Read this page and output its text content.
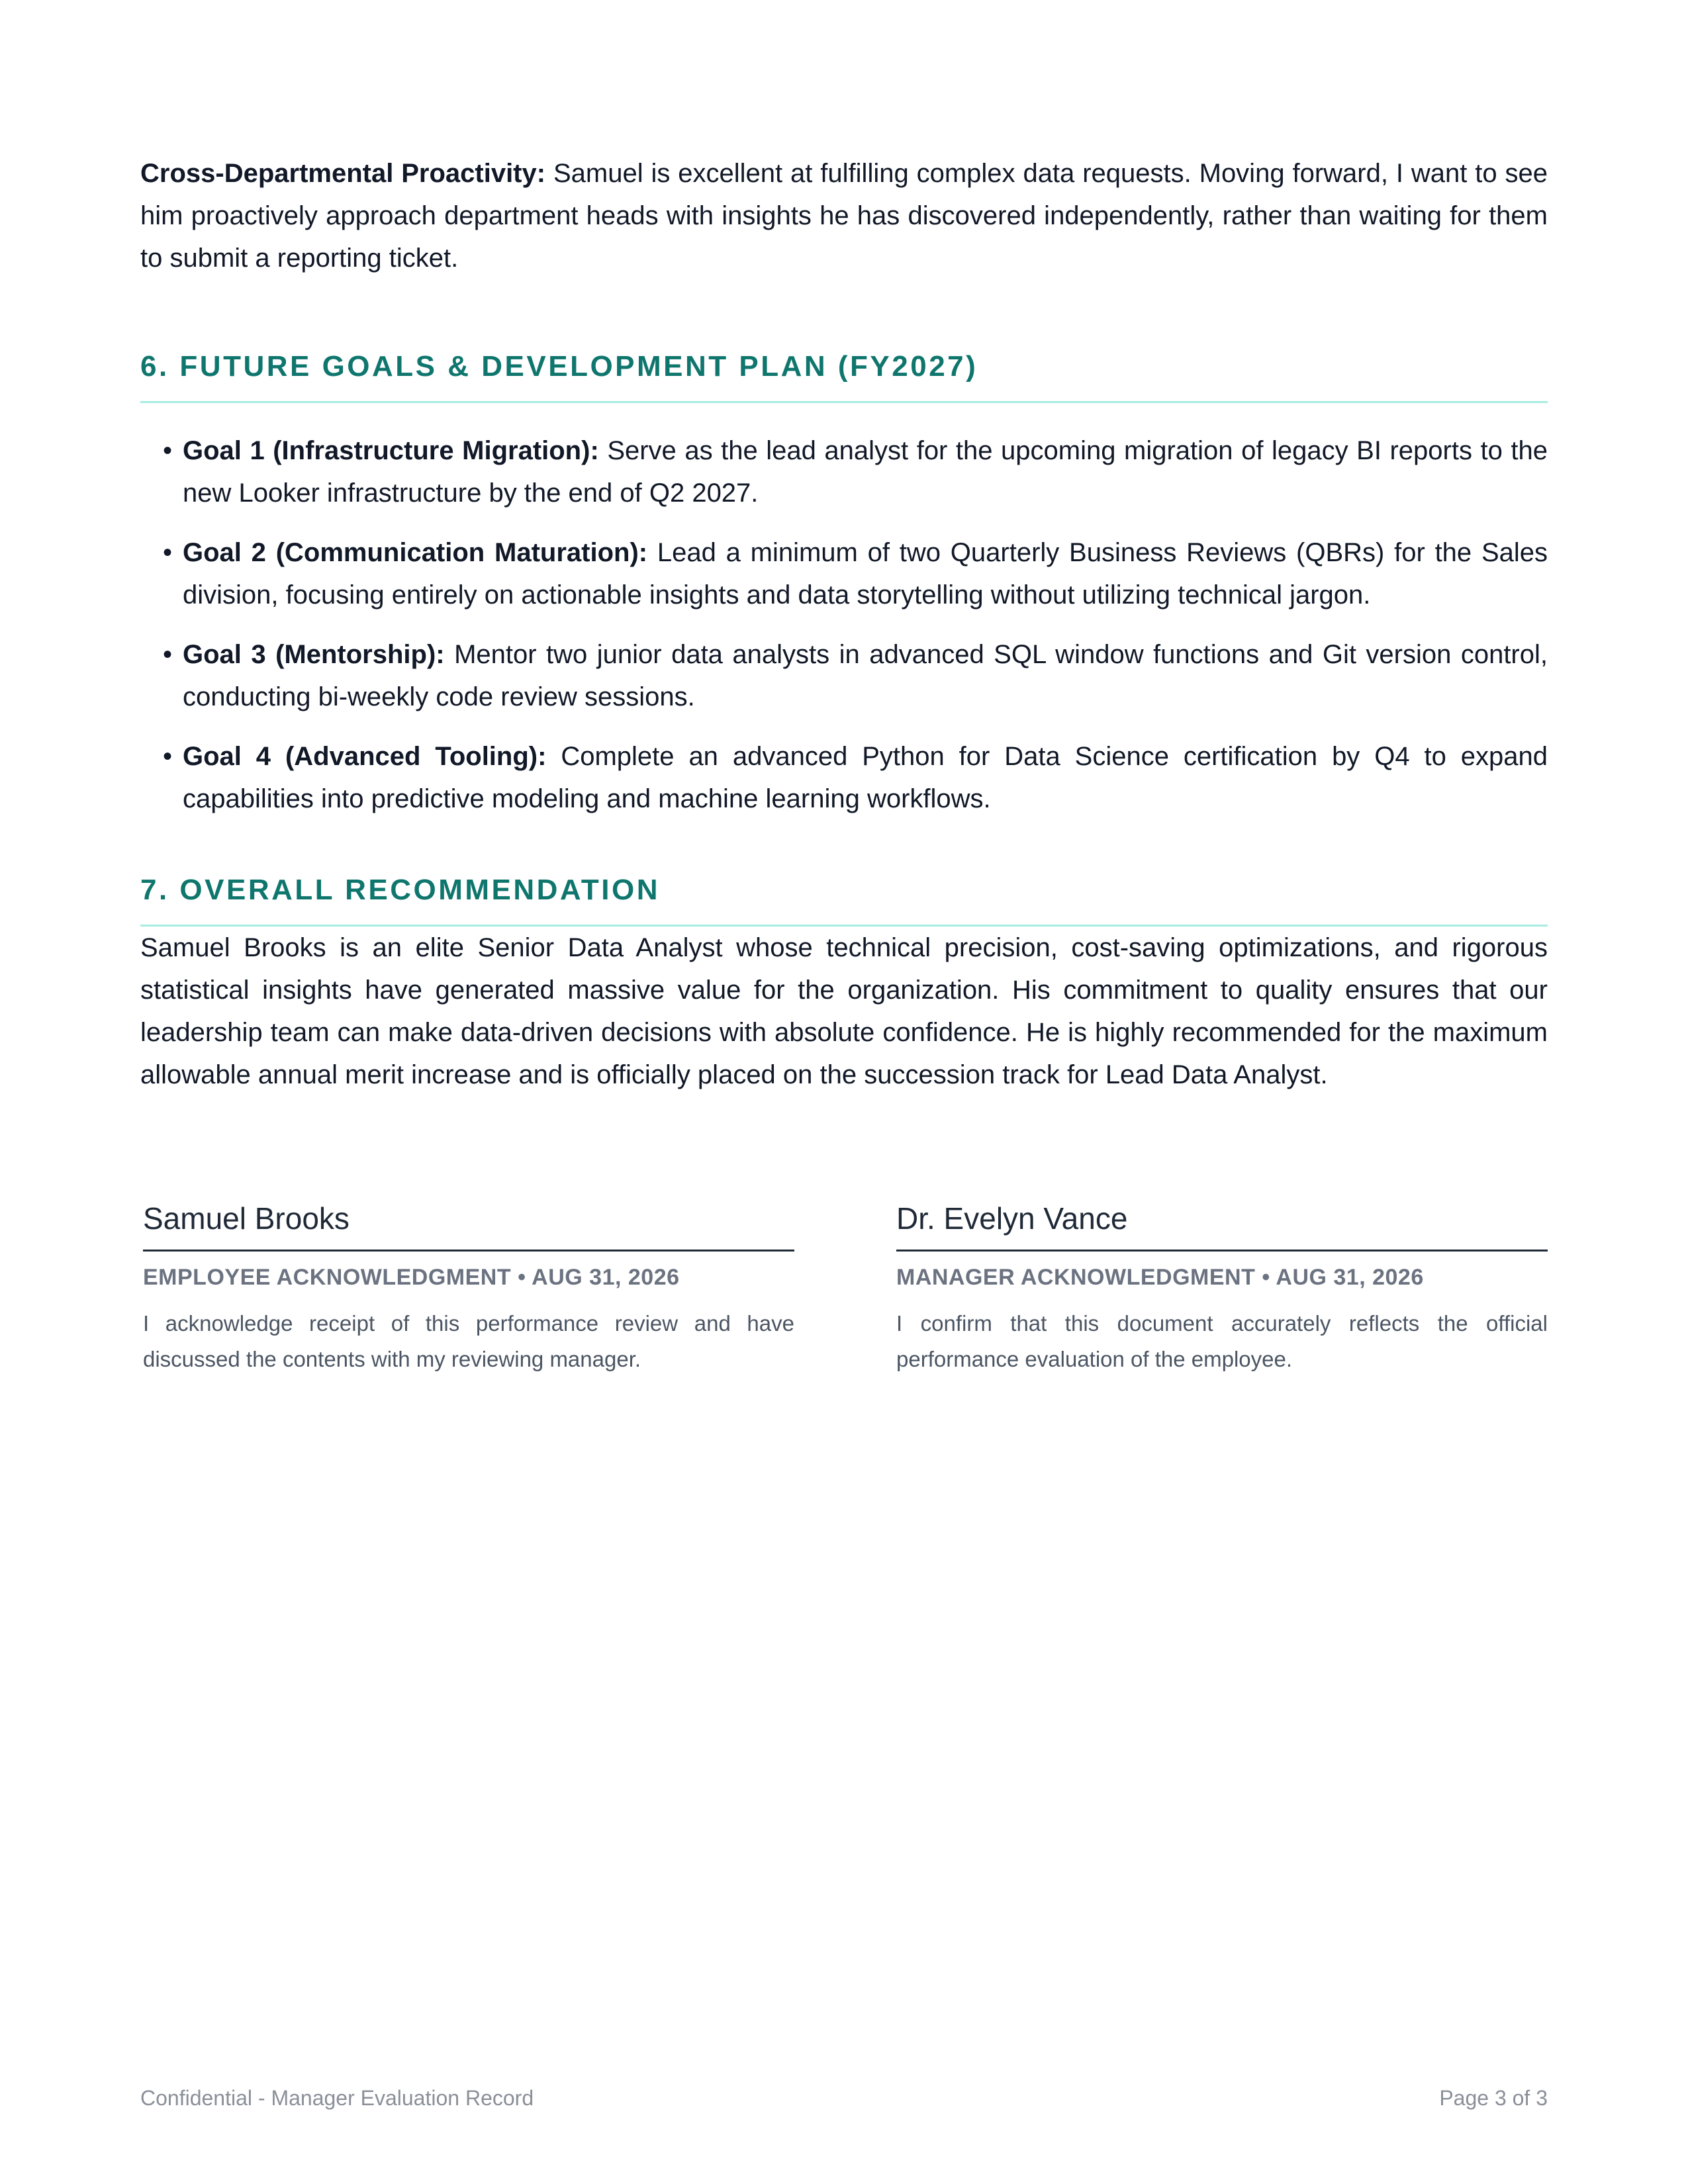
Cross-Departmental Proactivity: Samuel is excellent at fulfilling complex data requests. Moving forward, I want to see him proactively approach department heads with insights he has discovered independently, rather than waiting for them to submit a reporting ticket.

6. FUTURE GOALS & DEVELOPMENT PLAN (FY2027)
• Goal 1 (Infrastructure Migration): Serve as the lead analyst for the upcoming migration of legacy BI reports to the new Looker infrastructure by the end of Q2 2027.
• Goal 2 (Communication Maturation): Lead a minimum of two Quarterly Business Reviews (QBRs) for the Sales division, focusing entirely on actionable insights and data storytelling without utilizing technical jargon.
• Goal 3 (Mentorship): Mentor two junior data analysts in advanced SQL window functions and Git version control, conducting bi-weekly code review sessions.
• Goal 4 (Advanced Tooling): Complete an advanced Python for Data Science certification by Q4 to expand capabilities into predictive modeling and machine learning workflows.
7. OVERALL RECOMMENDATION

Samuel Brooks is an elite Senior Data Analyst whose technical precision, cost-saving optimizations, and rigorous statistical insights have generated massive value for the organization. His commitment to quality ensures that our leadership team can make data-driven decisions with absolute confidence. He is highly recommended for the maximum allowable annual merit increase and is officially placed on the succession track for Lead Data Analyst.

Samuel Brooks
EMPLOYEE ACKNOWLEDGMENT • AUG 31, 2026
I acknowledge receipt of this performance review and have discussed the contents with my reviewing manager.
Dr. Evelyn Vance
MANAGER ACKNOWLEDGMENT • AUG 31, 2026
I confirm that this document accurately reflects the official performance evaluation of the employee.
Confidential - Manager Evaluation Record	Page 3 of 3
